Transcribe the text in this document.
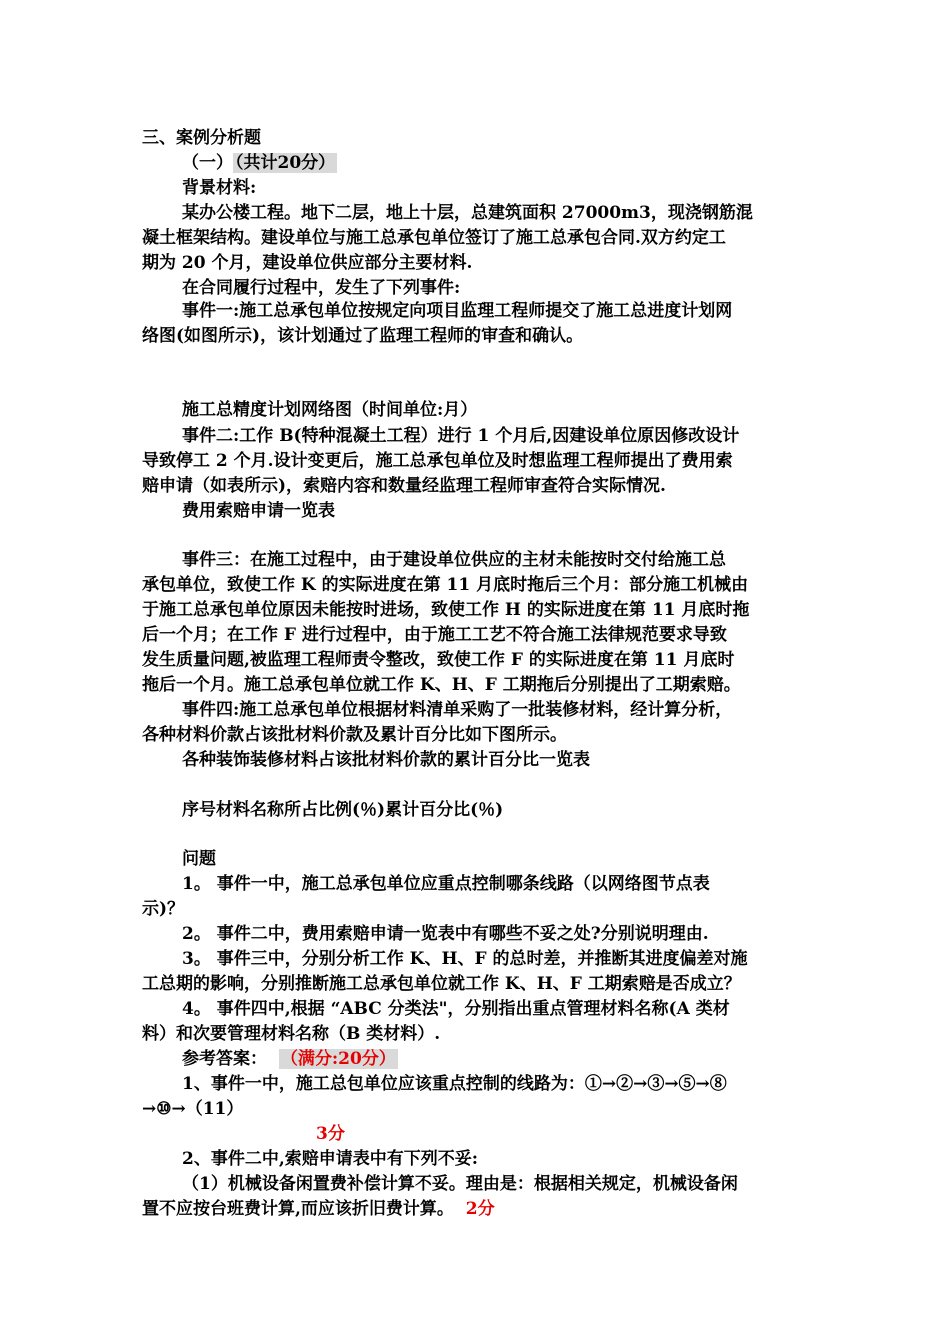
三、案例分析题
（一） （共计20分）
背景材料:
某办公楼工程。地下二层，地上十层，总建筑面积 27000m3，现浇钢筋混
凝土框架结构。建设单位与施工总承包单位签订了施工总承包合同.双方约定工
期为 20 个月，建设单位供应部分主要材料.
在合同履行过程中，发生了下列事件:
事件一:施工总承包单位按规定向项目监理工程师提交了施工总进度计划网
络图(如图所示)，该计划通过了监理工程师的审查和确认。
施工总精度计划网络图（时间单位:月）
事件二:工作 B(特种混凝土工程）进行 1 个月后,因建设单位原因修改设计
导致停工 2 个月.设计变更后，施工总承包单位及时想监理工程师提出了费用索
赔申请（如表所示)，索赔内容和数量经监理工程师审查符合实际情况.
费用索赔申请一览表
事件三：在施工过程中，由于建设单位供应的主材未能按时交付给施工总
承包单位，致使工作 K 的实际进度在第 11 月底时拖后三个月：部分施工机械由
于施工总承包单位原因未能按时进场，致使工作 H 的实际进度在第 11 月底时拖
后一个月；在工作 F 进行过程中，由于施工工艺不符合施工法律规范要求导致
发生质量问题,被监理工程师责令整改，致使工作 F 的实际进度在第 11 月底时
拖后一个月。施工总承包单位就工作 K、H、F 工期拖后分别提出了工期索赔。
事件四:施工总承包单位根据材料清单采购了一批装修材料，经计算分析，
各种材料价款占该批材料价款及累计百分比如下图所示。
各种装饰装修材料占该批材料价款的累计百分比一览表
序号材料名称所占比例(％)累计百分比(％)
问题
1。 事件一中，施工总承包单位应重点控制哪条线路（以网络图节点表
示)？
2。 事件二中，费用索赔申请一览表中有哪些不妥之处?分别说明理由.
3。 事件三中，分别分析工作 K、H、F 的总时差，并推断其进度偏差对施
工总期的影响，分别推断施工总承包单位就工作 K、H、F 工期索赔是否成立？
4。 事件四中,根据 “ABC 分类法"，分别指出重点管理材料名称(A 类材
料）和次要管理材料名称（B 类材料）.
参考答案： （满分:20分）
1、事件一中，施工总包单位应该重点控制的线路为：①→②→③→⑤→⑧
→⑩→（11）
3分
2、事件二中,索赔申请表中有下列不妥:
（1）机械设备闲置费补偿计算不妥。理由是：根据相关规定，机械设备闲
置不应按台班费计算,而应该折旧费计算。 2分
